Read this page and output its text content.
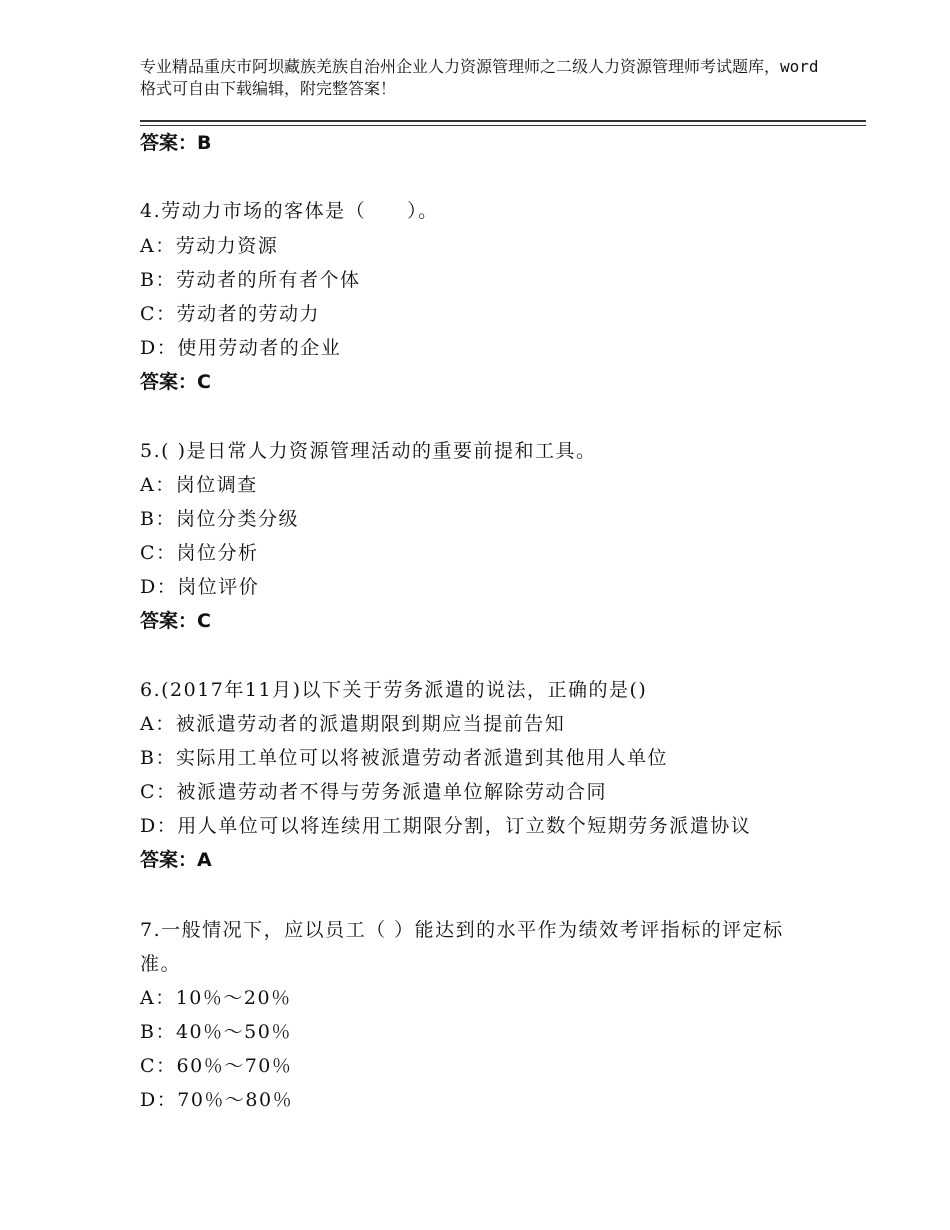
专业精品重庆市阿坝藏族羌族自治州企业人力资源管理师之二级人力资源管理师考试题库，word格式可自由下载编辑，附完整答案！
答案：B
4.劳动力市场的客体是（　　）。
A：劳动力资源
B：劳动者的所有者个体
C：劳动者的劳动力
D：使用劳动者的企业
答案：C
5.( )是日常人力资源管理活动的重要前提和工具。
A：岗位调查
B：岗位分类分级
C：岗位分析
D：岗位评价
答案：C
6.(2017年11月)以下关于劳务派遣的说法，正确的是()
A：被派遣劳动者的派遣期限到期应当提前告知
B：实际用工单位可以将被派遣劳动者派遣到其他用人单位
C：被派遣劳动者不得与劳务派遣单位解除劳动合同
D：用人单位可以将连续用工期限分割，订立数个短期劳务派遣协议
答案：A
7.一般情况下，应以员工（ ）能达到的水平作为绩效考评指标的评定标准。
A：10％～20％
B：40％～50％
C：60％～70％
D：70％～80％
